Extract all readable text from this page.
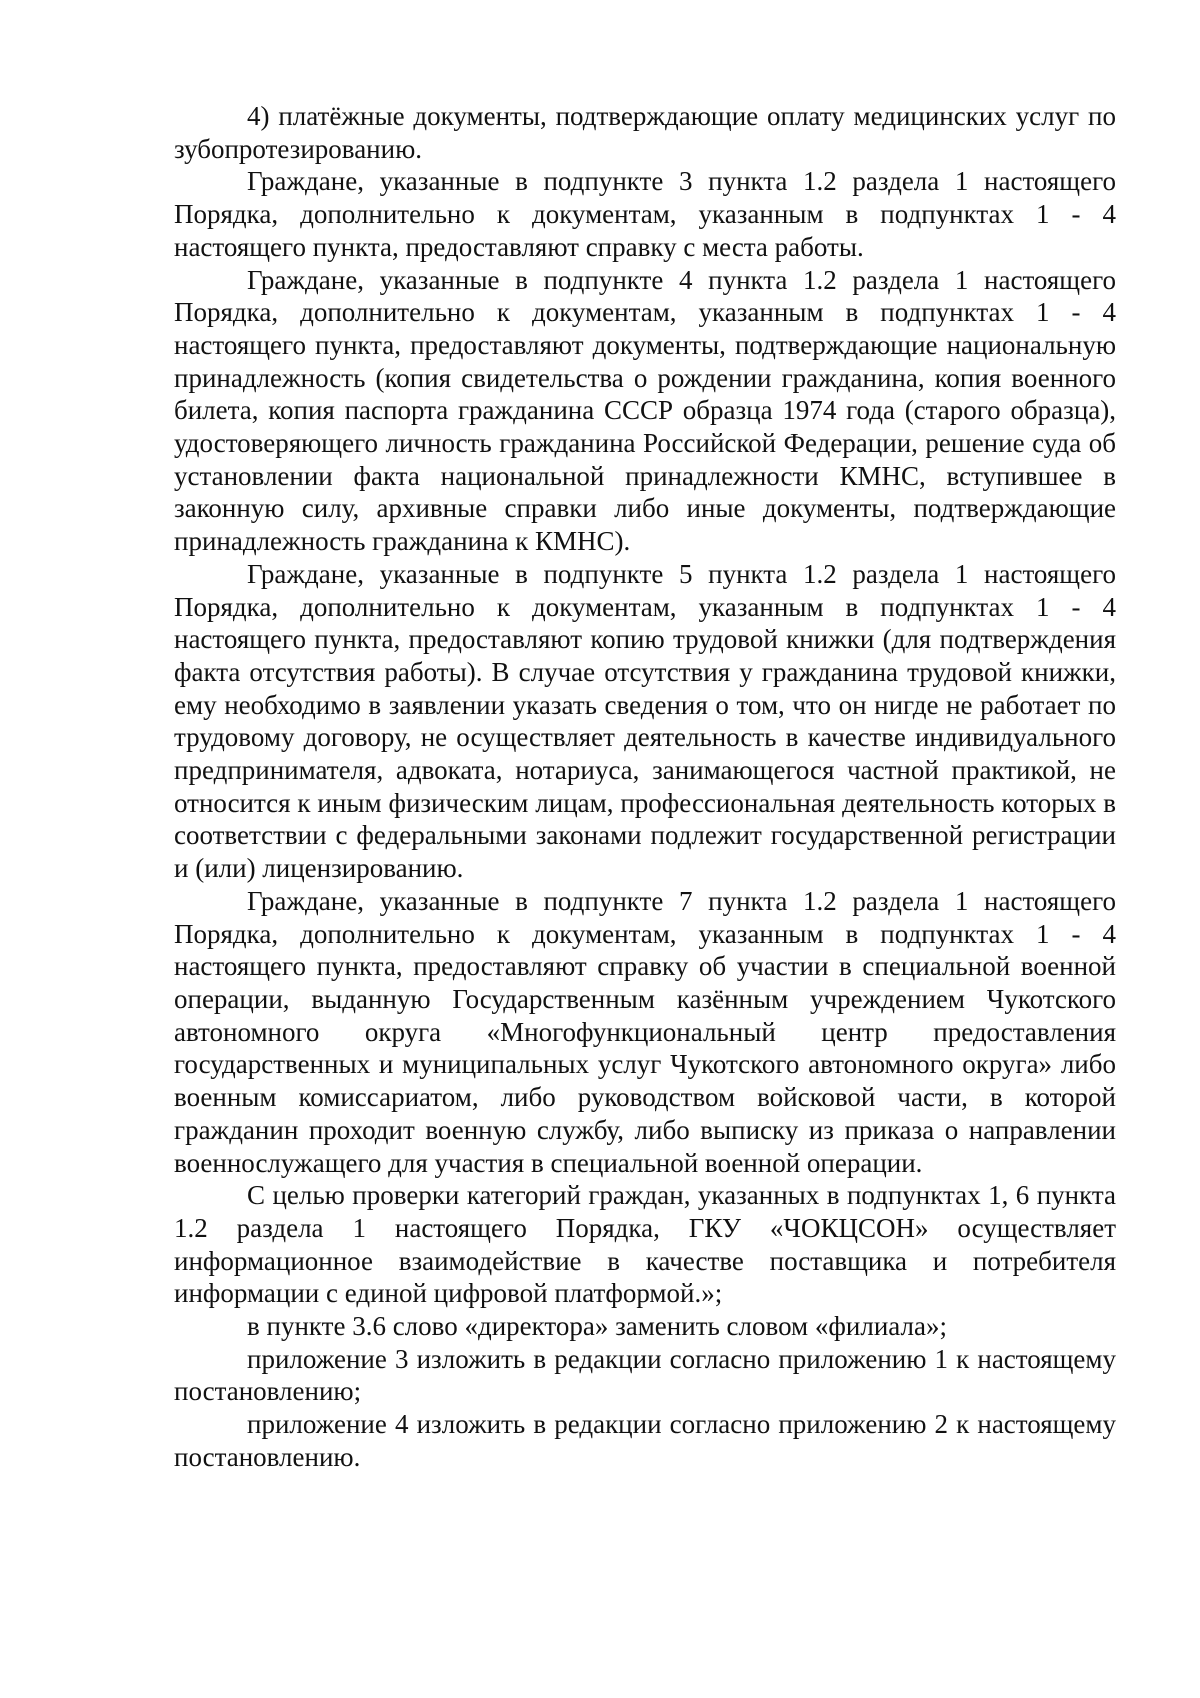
4) платёжные документы, подтверждающие оплату медицинских услуг по зубопротезированию.

Граждане, указанные в подпункте 3 пункта 1.2 раздела 1 настоящего Порядка, дополнительно к документам, указанным в подпунктах 1 - 4 настоящего пункта, предоставляют справку с места работы.

Граждане, указанные в подпункте 4 пункта 1.2 раздела 1 настоящего Порядка, дополнительно к документам, указанным в подпунктах 1 - 4 настоящего пункта, предоставляют документы, подтверждающие национальную принадлежность (копия свидетельства о рождении гражданина, копия военного билета, копия паспорта гражданина СССР образца 1974 года (старого образца), удостоверяющего личность гражданина Российской Федерации, решение суда об установлении факта национальной принадлежности КМНС, вступившее в законную силу, архивные справки либо иные документы, подтверждающие принадлежность гражданина к КМНС).

Граждане, указанные в подпункте 5 пункта 1.2 раздела 1 настоящего Порядка, дополнительно к документам, указанным в подпунктах 1 - 4 настоящего пункта, предоставляют копию трудовой книжки (для подтверждения факта отсутствия работы). В случае отсутствия у гражданина трудовой книжки, ему необходимо в заявлении указать сведения о том, что он нигде не работает по трудовому договору, не осуществляет деятельность в качестве индивидуального предпринимателя, адвоката, нотариуса, занимающегося частной практикой, не относится к иным физическим лицам, профессиональная деятельность которых в соответствии с федеральными законами подлежит государственной регистрации и (или) лицензированию.

Граждане, указанные в подпункте 7 пункта 1.2 раздела 1 настоящего Порядка, дополнительно к документам, указанным в подпунктах 1 - 4 настоящего пункта, предоставляют справку об участии в специальной военной операции, выданную Государственным казённым учреждением Чукотского автономного округа «Многофункциональный центр предоставления государственных и муниципальных услуг Чукотского автономного округа» либо военным комиссариатом, либо руководством войсковой части, в которой гражданин проходит военную службу, либо выписку из приказа о направлении военнослужащего для участия в специальной военной операции.

С целью проверки категорий граждан, указанных в подпунктах 1, 6 пункта 1.2 раздела 1 настоящего Порядка, ГКУ «ЧОКЦСОН» осуществляет информационное взаимодействие в качестве поставщика и потребителя информации с единой цифровой платформой.»;

в пункте 3.6 слово «директора» заменить словом «филиала»;

приложение 3 изложить в редакции согласно приложению 1 к настоящему постановлению;

приложение 4 изложить в редакции согласно приложению 2 к настоящему постановлению.
